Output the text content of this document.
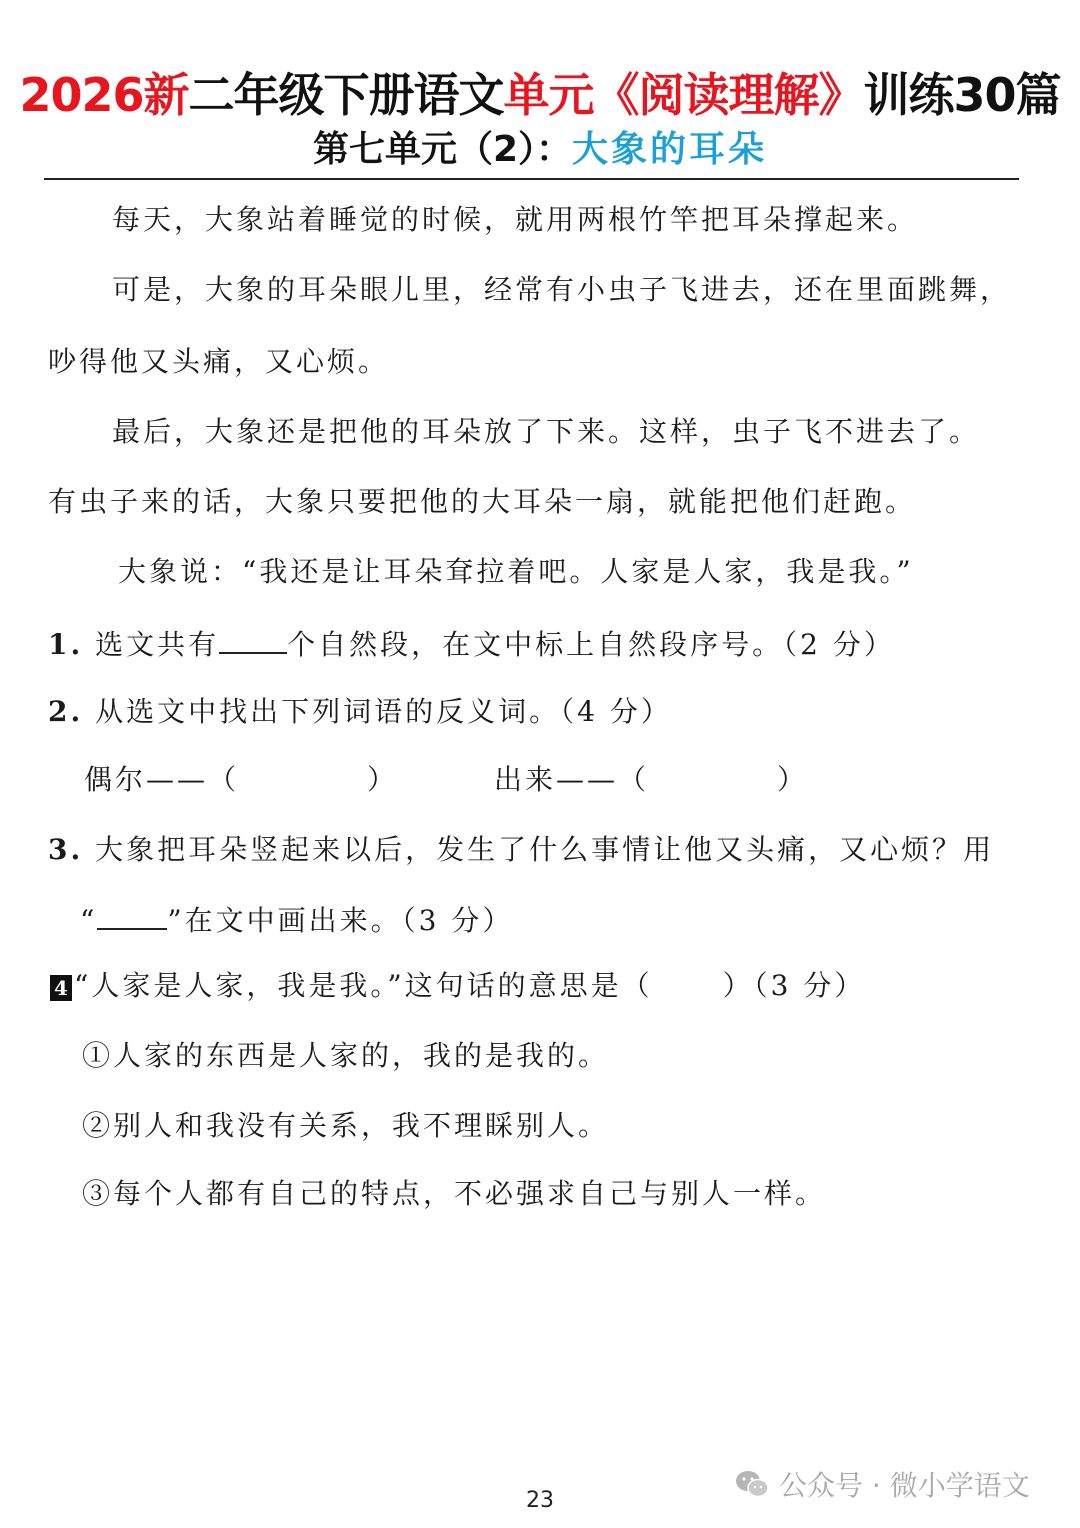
2026新二年级下册语文单元《阅读理解》训练30篇
第七单元（2）：大象的耳朵
每天，大象站着睡觉的时候，就用两根竹竿把耳朵撑起来。
可是，大象的耳朵眼儿里，经常有小虫子飞进去，还在里面跳舞，
吵得他又头痛，又心烦。
最后，大象还是把他的耳朵放了下来。这样，虫子飞不进去了。
有虫子来的话，大象只要把他的大耳朵一扇，就能把他们赶跑。
大象说：“我还是让耳朵耷拉着吧。人家是人家，我是我。”
1. 选文共有 个自然段，在文中标上自然段序号。（2 分）
2. 从选文中找出下列词语的反义词。（4 分）
偶尔——（	）	出来——（	）
3. 大象把耳朵竖起来以后，发生了什么事情让他又头痛，又心烦？用
“	”在文中画出来。（3 分）
4 “人家是人家，我是我。”这句话的意思是（	）（3 分）
①人家的东西是人家的，我的是我的。
②别人和我没有关系，我不理睬别人。
③每个人都有自己的特点，不必强求自己与别人一样。
23	公众号 · 微小学语文
